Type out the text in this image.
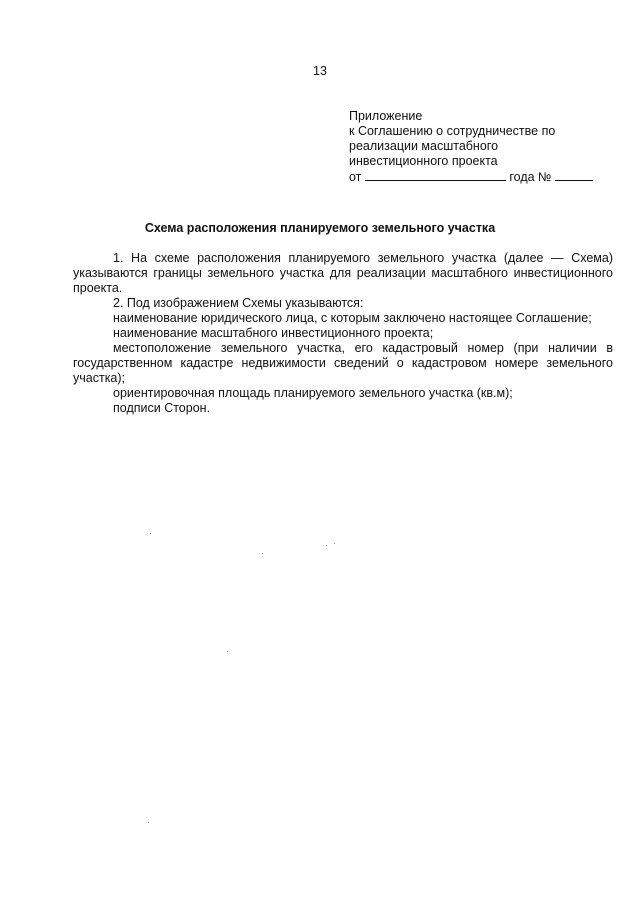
13
Приложение
к Соглашению о сотрудничестве по
реализации масштабного
инвестиционного проекта
от	года №
Схема расположения планируемого земельного участка

1. На схеме расположения планируемого земельного участка (далее — Схема) указываются границы земельного участка для реализации масштабного инвестиционного проекта.

2. Под изображением Схемы указываются:

наименование юридического лица, с которым заключено настоящее Соглашение;

наименование масштабного инвестиционного проекта;

местоположение земельного участка, его кадастровый номер (при наличии в государственном кадастре недвижимости сведений о кадастровом номере земельного участка);

ориентировочная площадь планируемого земельного участка (кв.м);

подписи Сторон.
